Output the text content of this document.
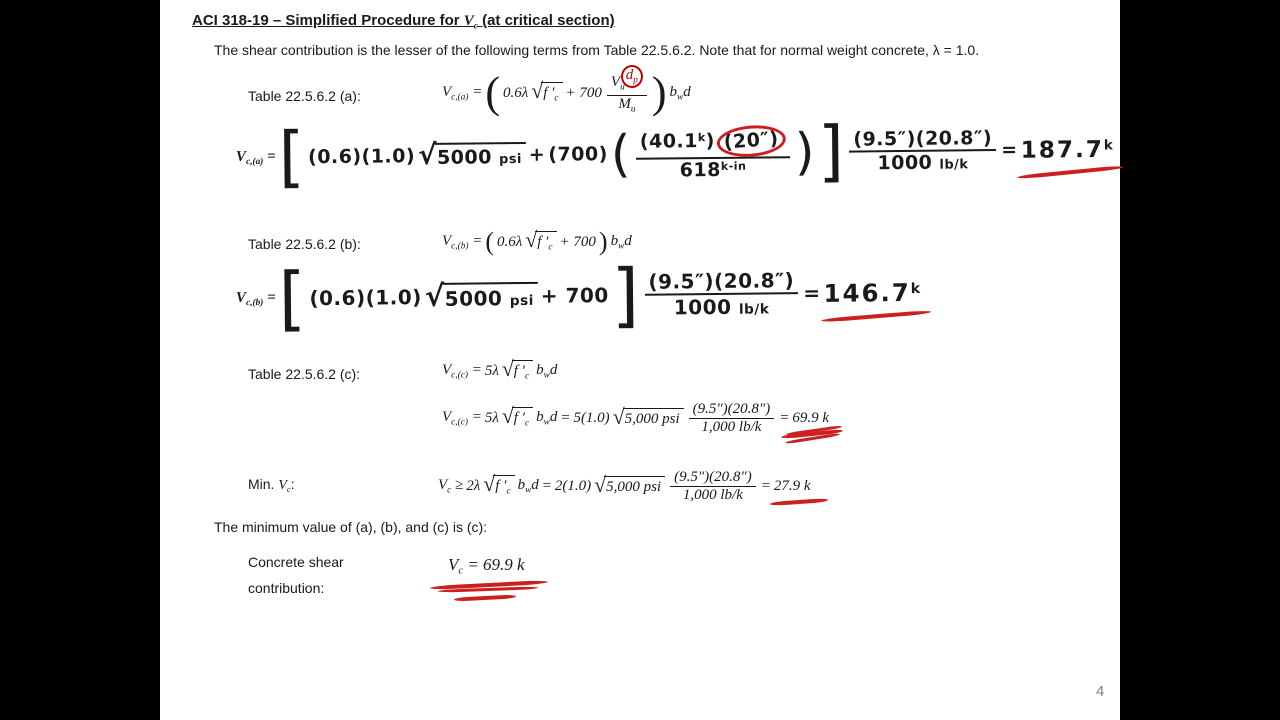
ACI 318-19 – Simplified Procedure for $V_c$ (at critical section)
The shear contribution is the lesser of the following terms from Table 22.5.6.2. Note that for normal weight concrete, λ = 1.0.
Table 22.5.6.2 (a):	$V_{c,(a)}$ = ( 0.6λ √ f $'_c + 700 \frac{V_ud_p}{M_u}$ ) $b_wd$
$V_{c,(a)}$ = [ (0.6)(1.0) √ 5000 psi + (700) ( $\frac{(40.1^k) (20'')}{618^{k-in}}$ ) ] $\frac{(9.5'')(20.8'')}{1000 lb/k} = 187.7^k$
Table 22.5.6.2 (b):	$V_{c,(b)}$ = ( 0.6λ √ f $'_c + 700$ ) $b_wd$
$V_{c,(b)}$ = [ (0.6)(1.0) √ 5000 psi + 700 ] $\frac{(9.5'')(20.8'')}{1000 lb/k} = 146.7^k$
Table 22.5.6.2 (c):	$V_{c,(c)} = 5\lambda$ √ f $'_c$ $b_wd$
$V_{c,(c)} = 5\lambda$ √ f $'_c$ $b_wd = 5(1.0)$ √ 5,000 psi $\frac{(9.5")(20.8")}{1,000 lb/k} = 69.9$ k
Min. $V_c$:	$V_c \ge 2\lambda$ √ f $'_c$ $b_wd = 2(1.0)$ √ 5,000 psi $\frac{(9.5")(20.8")}{1,000 lb/k} = 27.9$ k
The minimum value of (a), (b), and (c) is (c):
Concrete shear
contribution:
$V_c = 69.9$ k
4
